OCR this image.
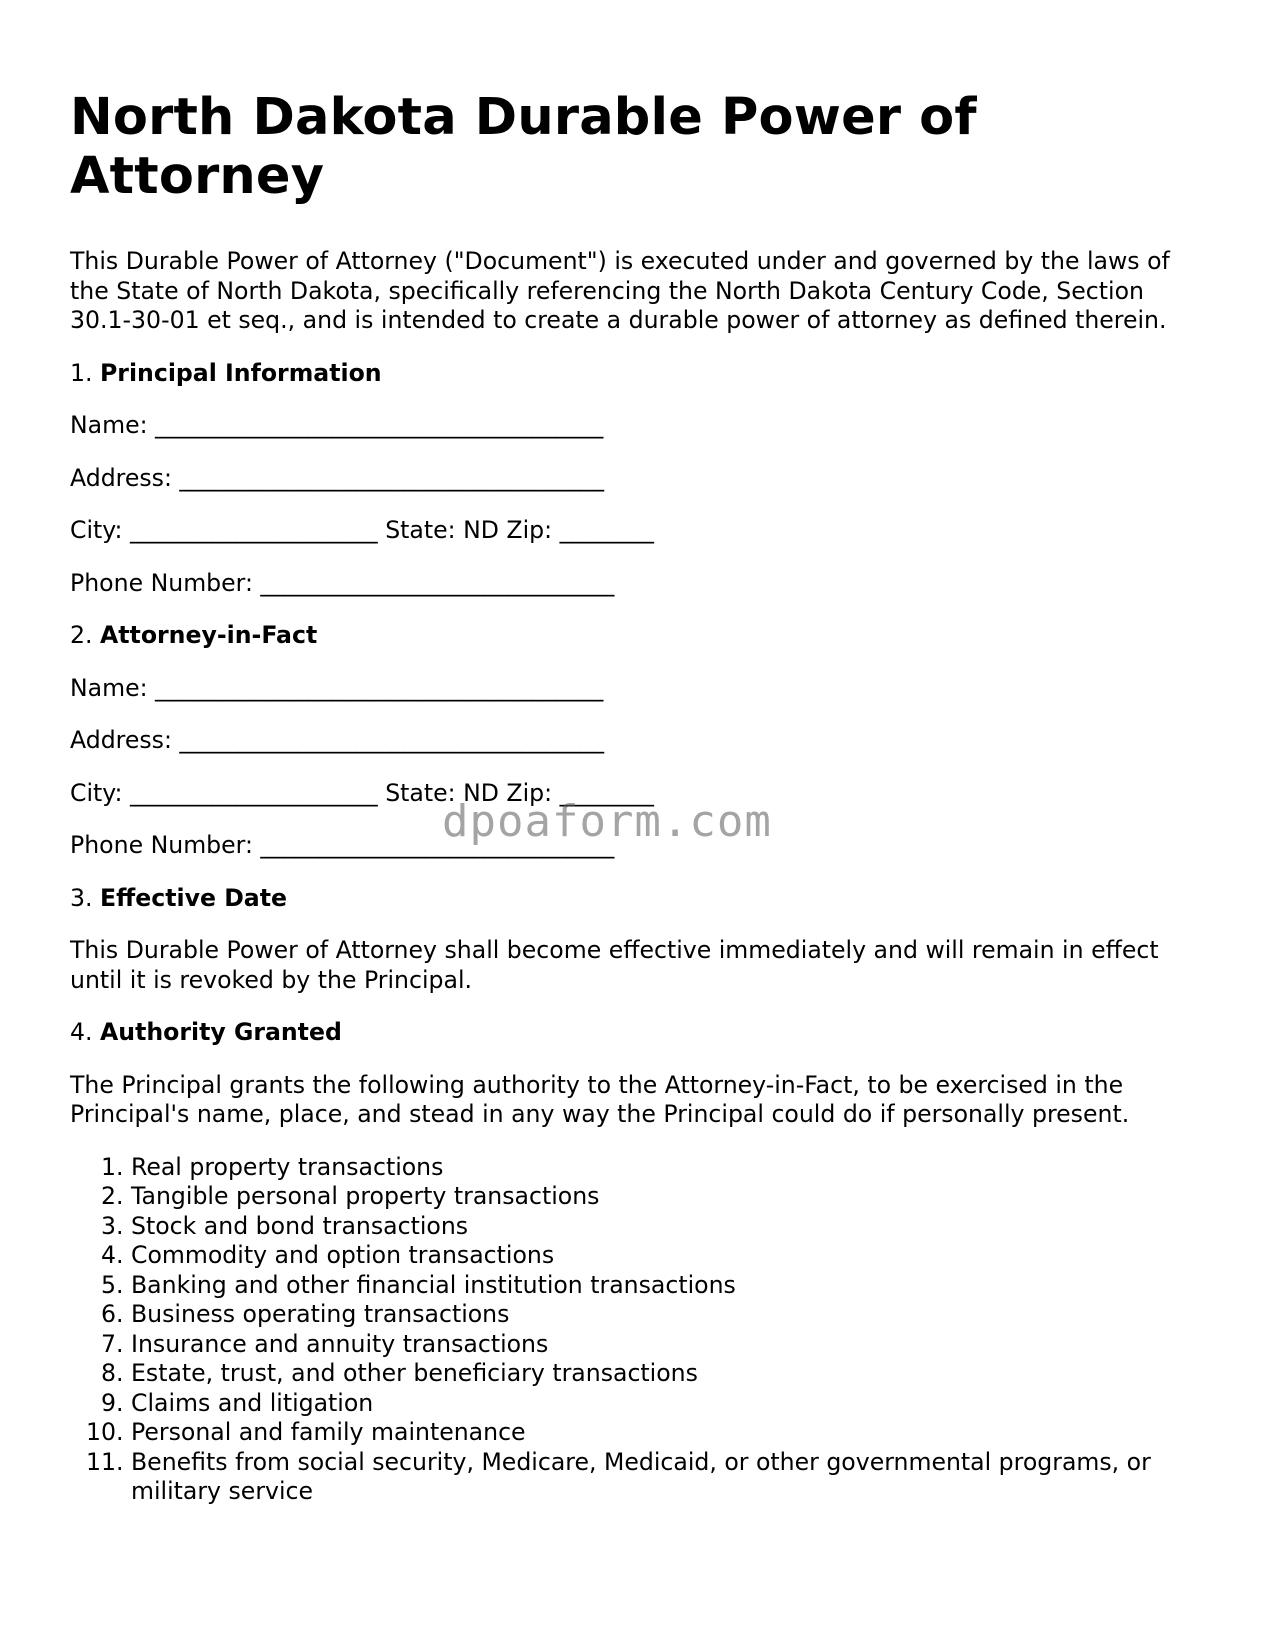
North Dakota Durable Power of Attorney

This Durable Power of Attorney ("Document") is executed under and governed by the laws of the State of North Dakota, specifically referencing the North Dakota Century Code, Section 30.1-30-01 et seq., and is intended to create a durable power of attorney as defined therein.

1. Principal Information

Name: ______________________________________

Address: ____________________________________

City: _____________________ State: ND Zip: ________

Phone Number: ______________________________

2. Attorney-in-Fact

Name: ______________________________________

Address: ____________________________________

City: _____________________ State: ND Zip: ________

Phone Number: ______________________________

3. Effective Date

This Durable Power of Attorney shall become effective immediately and will remain in effect until it is revoked by the Principal.

4. Authority Granted

The Principal grants the following authority to the Attorney-in-Fact, to be exercised in the Principal's name, place, and stead in any way the Principal could do if personally present.

1. Real property transactions
2. Tangible personal property transactions
3. Stock and bond transactions
4. Commodity and option transactions
5. Banking and other financial institution transactions
6. Business operating transactions
7. Insurance and annuity transactions
8. Estate, trust, and other beneficiary transactions
9. Claims and litigation
10. Personal and family maintenance
11. Benefits from social security, Medicare, Medicaid, or other governmental programs, or military service
dpoaform.com
